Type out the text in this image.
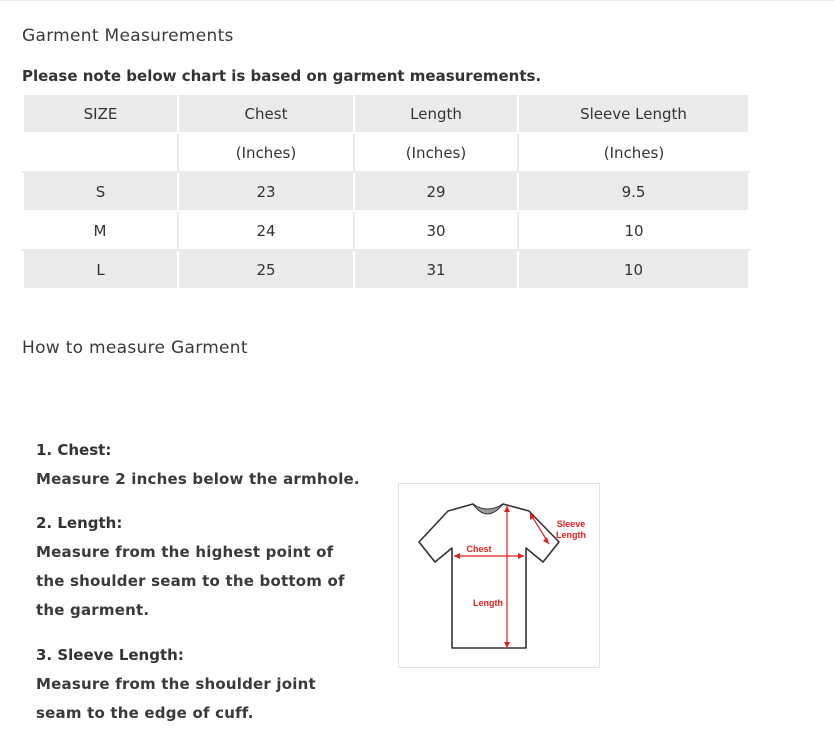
Garment Measurements

Please note below chart is based on garment measurements.

SIZE	Chest	Length	Sleeve Length
	(Inches)	(Inches)	(Inches)
S	23	29	9.5
M	24	30	10
L	25	31	10
How to measure Garment
1. Chest:
Measure 2 inches below the armhole.
2. Length:
Measure from the highest point of
the shoulder seam to the bottom of
the garment.
3. Sleeve Length:
Measure from the shoulder joint
seam to the edge of cuff.
Chest
Length
Sleeve
Length
